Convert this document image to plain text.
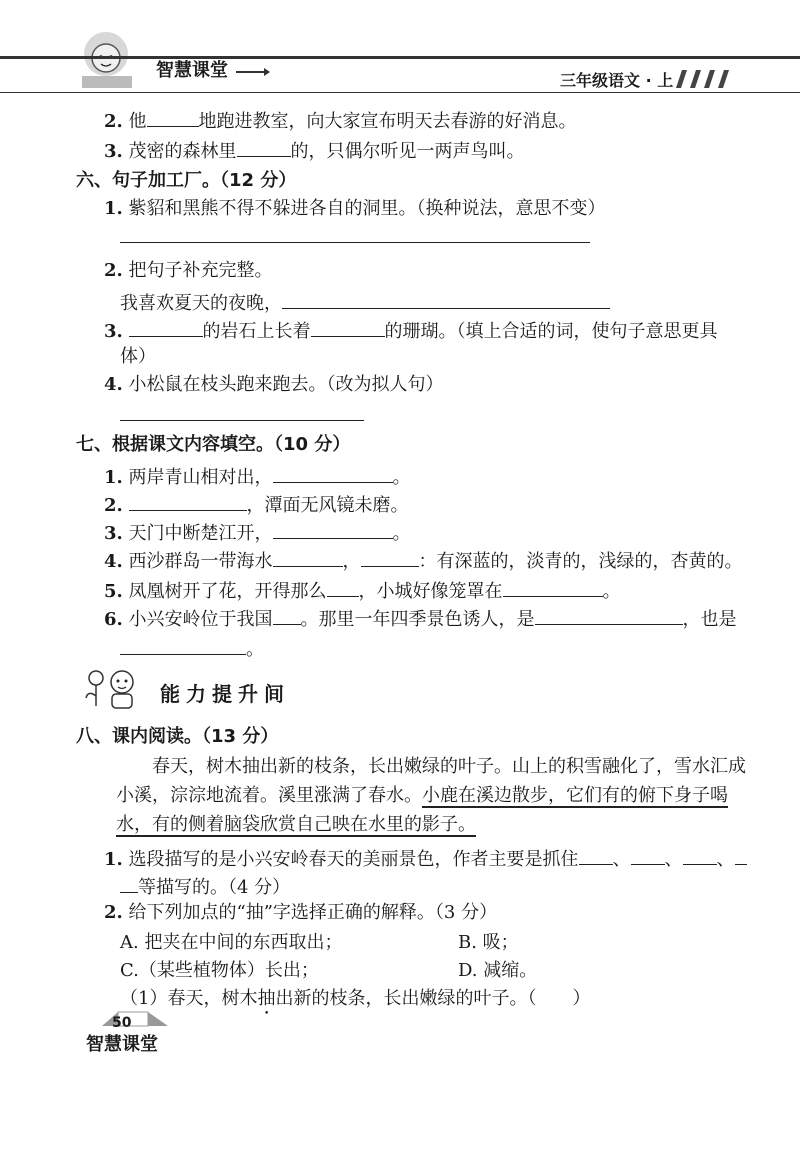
智慧课堂	三年级语文 · 上
2. 他	地跑进教室，向大家宣布明天去春游的好消息。
3. 茂密的森林里	的，只偶尔听见一两声鸟叫。
六、句子加工厂。（12 分）
1. 紫貂和黑熊不得不躲进各自的洞里。（换种说法，意思不变）
2. 把句子补充完整。
我喜欢夏天的夜晚，
3.	的岩石上长着	的珊瑚。（填上合适的词，使句子意思更具
体）
4. 小松鼠在枝头跑来跑去。（改为拟人句）
七、根据课文内容填空。（10 分）
1. 两岸青山相对出，	。
2.	，潭面无风镜未磨。
3. 天门中断楚江开，	。
4. 西沙群岛一带海水	，	：有深蓝的，淡青的，浅绿的，杏黄的。
5. 凤凰树开了花，开得那么 ，小城好像笼罩在	。
6. 小兴安岭位于我国 。那里一年四季景色诱人，是	，也是
。
能力提升间
八、课内阅读。（13 分）
春天，树木抽出新的枝条，长出嫩绿的叶子。山上的积雪融化了，雪水汇成
小溪，淙淙地流着。溪里涨满了春水。小鹿在溪边散步，它们有的俯下身子喝
水，有的侧着脑袋欣赏自己映在水里的影子。
1. 选段描写的是小兴安岭春天的美丽景色，作者主要是抓住 、 、 、
等描写的。（4 分）
2. 给下列加点的“抽”字选择正确的解释。（3 分）
A. 把夹在中间的东西取出；	B. 吸；
C.（某些植物体）长出；	D. 减缩。
（1）春天，树木抽出新的枝条，长出嫩绿的叶子。（　　）
50
智慧课堂
